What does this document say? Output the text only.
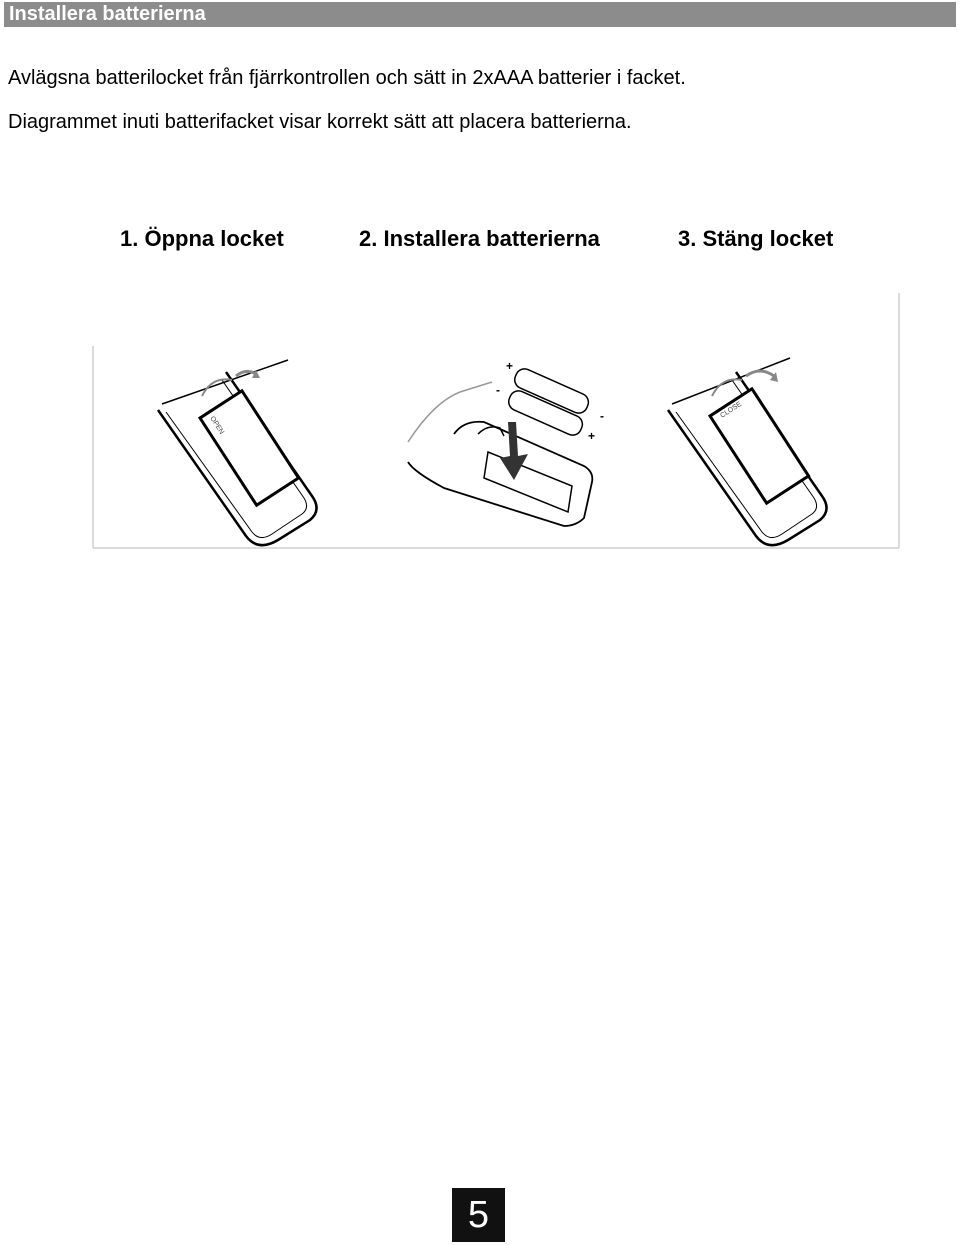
Installera batterierna
Avlägsna batterilocket från fjärrkontrollen och sätt in 2xAAA batterier i facket.
Diagrammet inuti batterifacket visar korrekt sätt att placera batterierna.
1. Öppna locket	2. Installera batterierna	3. Stäng locket
OPEN
+
-
+
-	CLOSE
5
